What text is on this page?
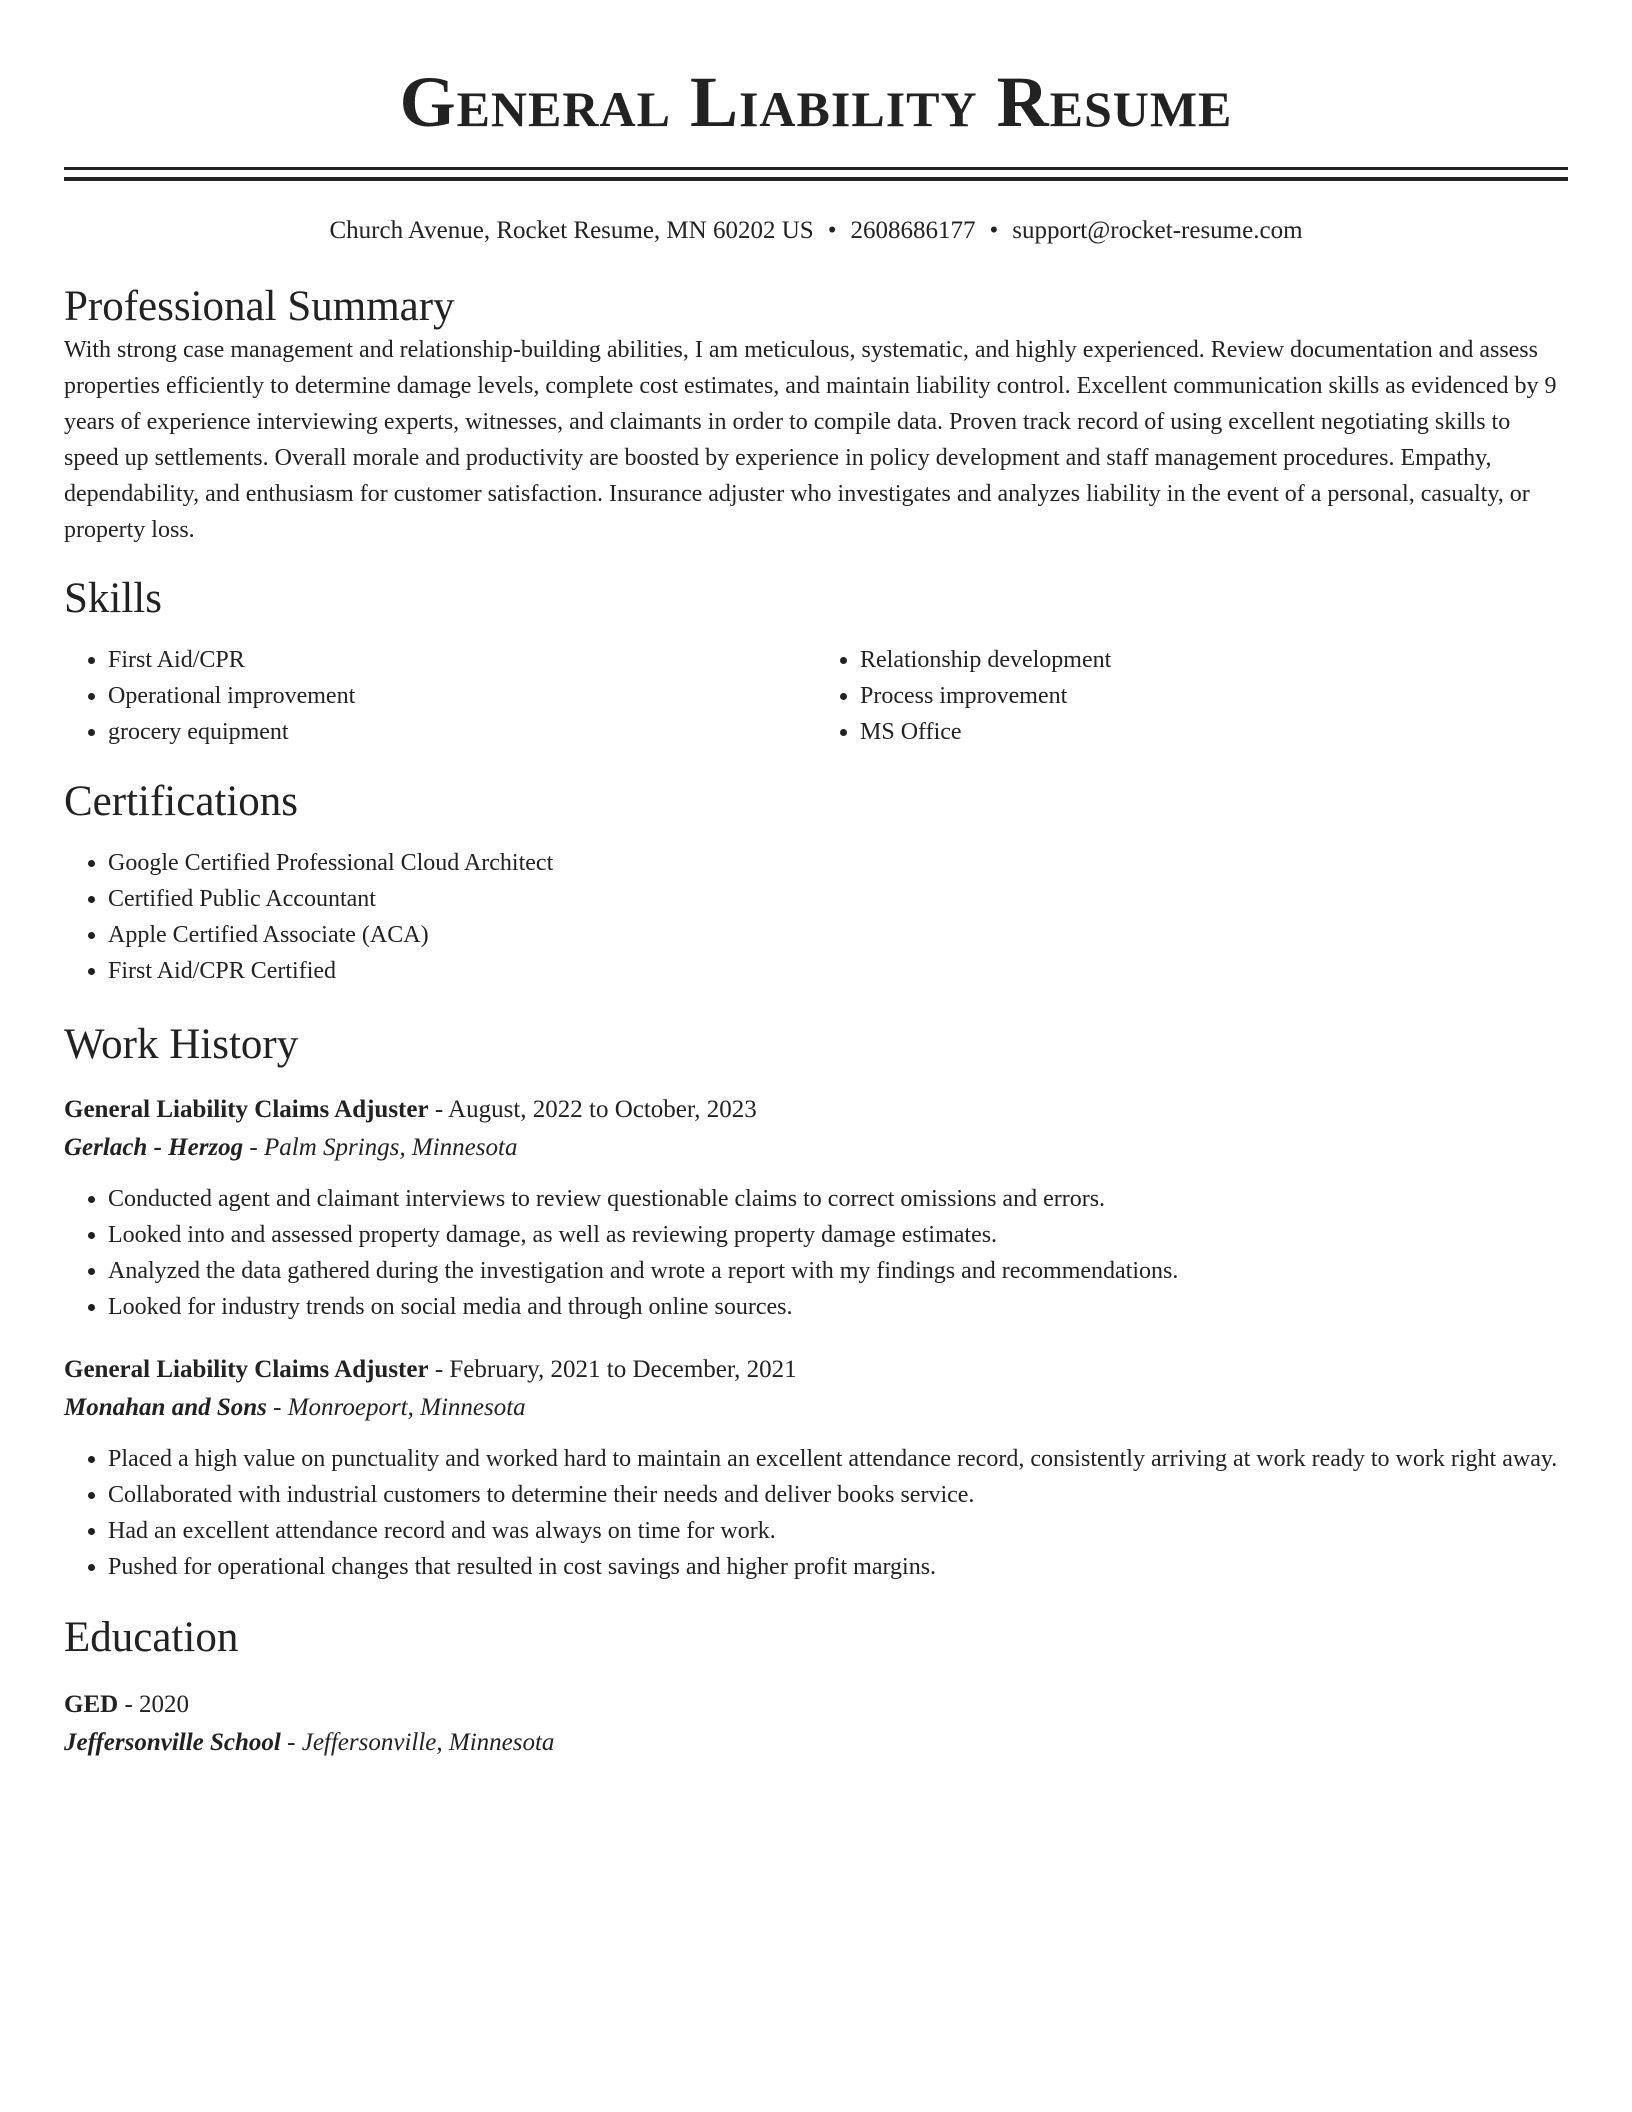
General Liability Resume
Church Avenue, Rocket Resume, MN 60202 US • 2608686177 • support@rocket-resume.com
Professional Summary

With strong case management and relationship-building abilities, I am meticulous, systematic, and highly experienced. Review documentation and assess properties efficiently to determine damage levels, complete cost estimates, and maintain liability control. Excellent communication skills as evidenced by 9 years of experience interviewing experts, witnesses, and claimants in order to compile data. Proven track record of using excellent negotiating skills to speed up settlements. Overall morale and productivity are boosted by experience in policy development and staff management procedures. Empathy, dependability, and enthusiasm for customer satisfaction. Insurance adjuster who investigates and analyzes liability in the event of a personal, casualty, or property loss.

Skills
• First Aid/CPR
• Operational improvement
• grocery equipment
• Relationship development
• Process improvement
• MS Office
Certifications
• Google Certified Professional Cloud Architect
• Certified Public Accountant
• Apple Certified Associate (ACA)
• First Aid/CPR Certified
Work History
General Liability Claims Adjuster - August, 2022 to October, 2023
Gerlach - Herzog - Palm Springs, Minnesota
• Conducted agent and claimant interviews to review questionable claims to correct omissions and errors.
• Looked into and assessed property damage, as well as reviewing property damage estimates.
• Analyzed the data gathered during the investigation and wrote a report with my findings and recommendations.
• Looked for industry trends on social media and through online sources.
General Liability Claims Adjuster - February, 2021 to December, 2021
Monahan and Sons - Monroeport, Minnesota
• Placed a high value on punctuality and worked hard to maintain an excellent attendance record, consistently arriving at work ready to work right away.
• Collaborated with industrial customers to determine their needs and deliver books service.
• Had an excellent attendance record and was always on time for work.
• Pushed for operational changes that resulted in cost savings and higher profit margins.
Education
GED - 2020
Jeffersonville School - Jeffersonville, Minnesota
